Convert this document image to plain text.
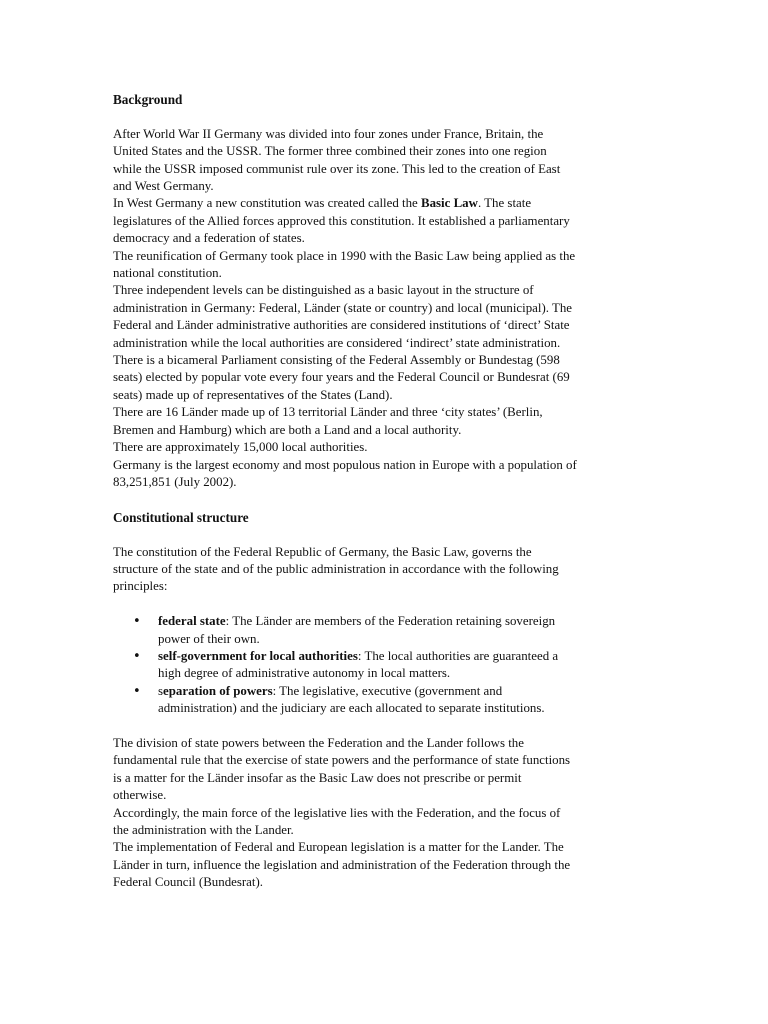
Background

After World War II Germany was divided into four zones under France, Britain, the

United States and the USSR. The former three combined their zones into one region

while the USSR imposed communist rule over its zone. This led to the creation of East

and West Germany.

In West Germany a new constitution was created called the Basic Law. The state

legislatures of the Allied forces approved this constitution. It established a parliamentary

democracy and a federation of states.

The reunification of Germany took place in 1990 with the Basic Law being applied as the

national constitution.

Three independent levels can be distinguished as a basic layout in the structure of

administration in Germany: Federal, Länder (state or country) and local (municipal). The

Federal and Länder administrative authorities are considered institutions of ‘direct’ State

administration while the local authorities are considered ‘indirect’ state administration.

There is a bicameral Parliament consisting of the Federal Assembly or Bundestag (598

seats) elected by popular vote every four years and the Federal Council or Bundesrat (69

seats) made up of representatives of the States (Land).

There are 16 Länder made up of 13 territorial Länder and three ‘city states’ (Berlin,

Bremen and Hamburg) which are both a Land and a local authority.

There are approximately 15,000 local authorities.

Germany is the largest economy and most populous nation in Europe with a population of

83,251,851 (July 2002).

Constitutional structure

The constitution of the Federal Republic of Germany, the Basic Law, governs the

structure of the state and of the public administration in accordance with the following

principles:

• federal state: The Länder are members of the Federation retaining sovereign
power of their own.
• self-government for local authorities: The local authorities are guaranteed a
high degree of administrative autonomy in local matters.
• separation of powers: The legislative, executive (government and
administration) and the judiciary are each allocated to separate institutions.

The division of state powers between the Federation and the Lander follows the

fundamental rule that the exercise of state powers and the performance of state functions

is a matter for the Länder insofar as the Basic Law does not prescribe or permit

otherwise.

Accordingly, the main force of the legislative lies with the Federation, and the focus of

the administration with the Lander.

The implementation of Federal and European legislation is a matter for the Lander. The

Länder in turn, influence the legislation and administration of the Federation through the

Federal Council (Bundesrat).
